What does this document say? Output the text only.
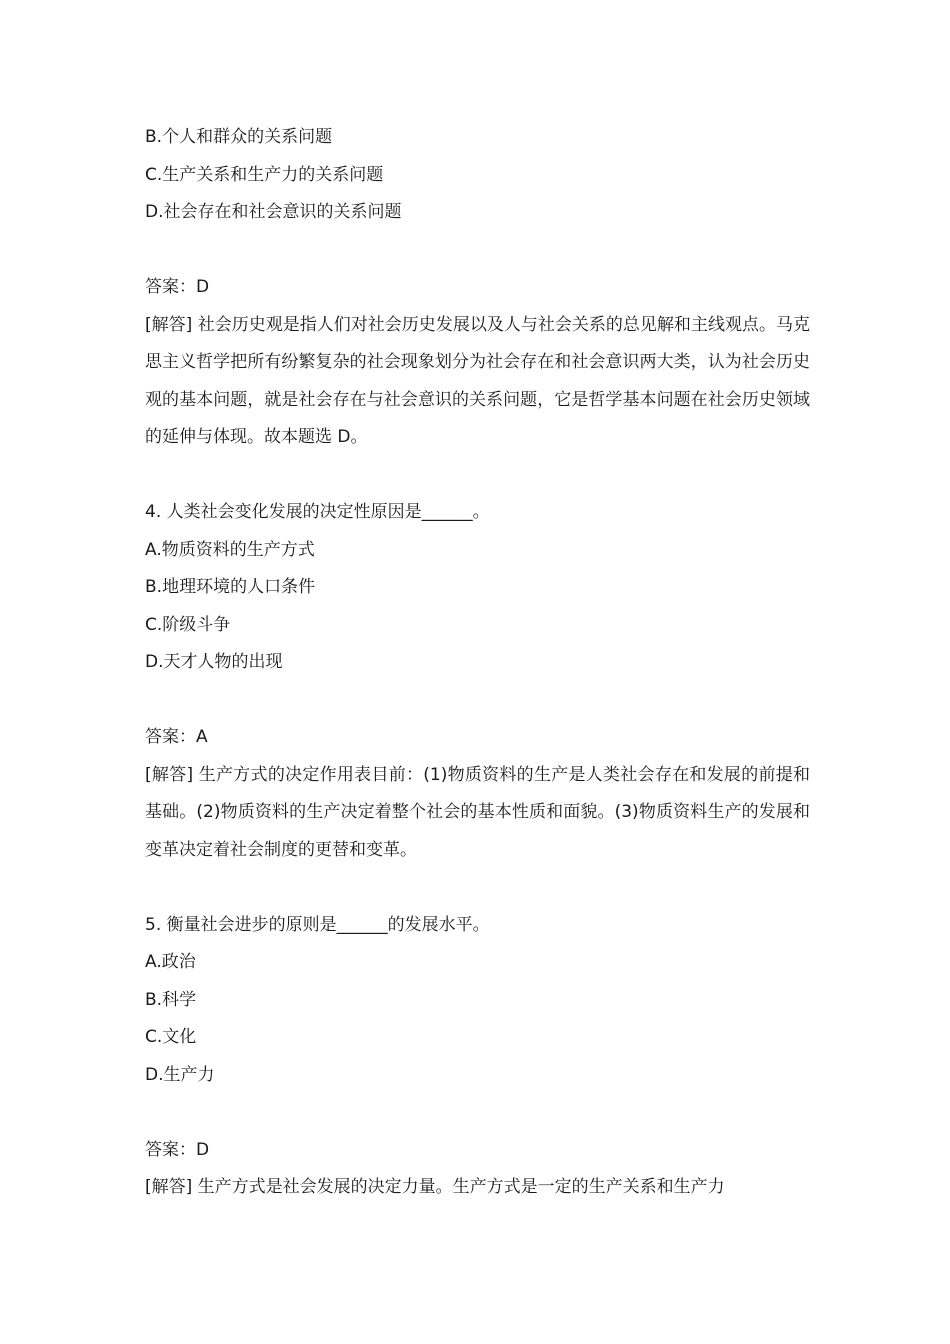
B.个人和群众的关系问题
C.生产关系和生产力的关系问题
D.社会存在和社会意识的关系问题
答案：D

[解答] 社会历史观是指人们对社会历史发展以及人与社会关系的总见解和主线观点。马克思主义哲学把所有纷繁复杂的社会现象划分为社会存在和社会意识两大类，认为社会历史观的基本问题，就是社会存在与社会意识的关系问题，它是哲学基本问题在社会历史领域的延伸与体现。故本题选 D。

4. 人类社会变化发展的决定性原因是______。
A.物质资料的生产方式
B.地理环境的人口条件
C.阶级斗争
D.天才人物的出现
答案：A

[解答] 生产方式的决定作用表目前：(1)物质资料的生产是人类社会存在和发展的前提和基础。(2)物质资料的生产决定着整个社会的基本性质和面貌。(3)物质资料生产的发展和变革决定着社会制度的更替和变革。

5. 衡量社会进步的原则是______的发展水平。
A.政治
B.科学
C.文化
D.生产力
答案：D

[解答] 生产方式是社会发展的决定力量。生产方式是一定的生产关系和生产力
